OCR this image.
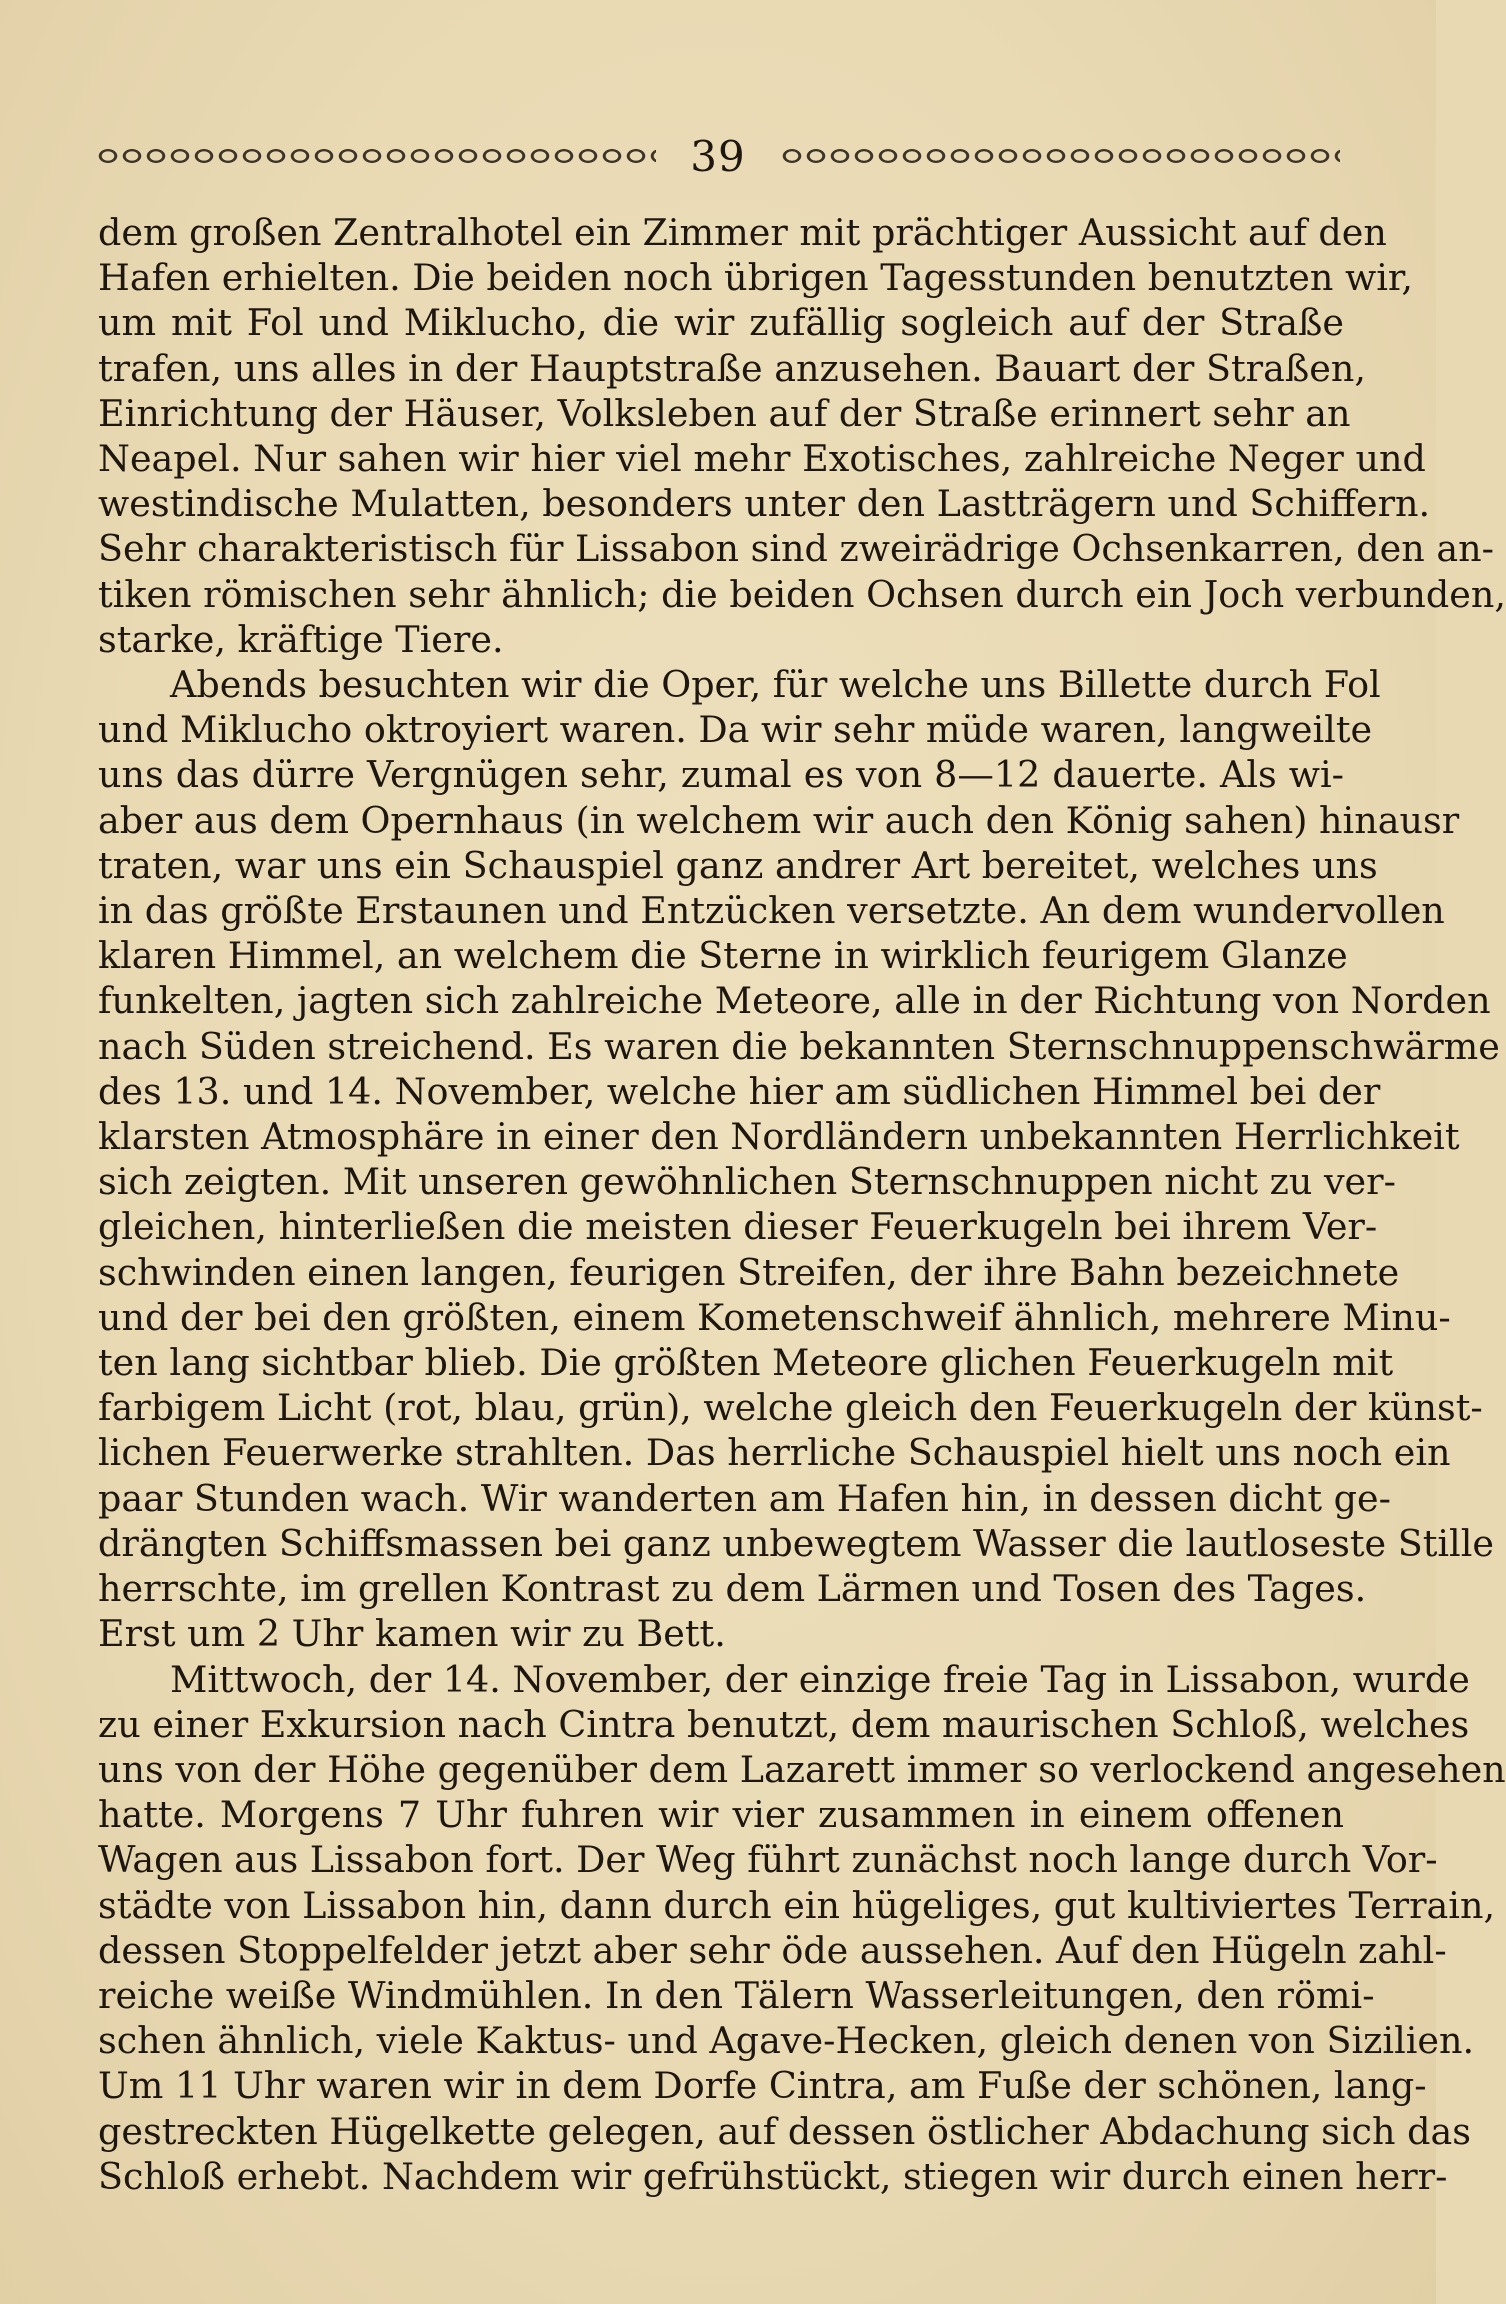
39
dem großen Zentralhotel ein Zimmer mit prächtiger Aussicht auf den
Hafen erhielten. Die beiden noch übrigen Tagesstunden benutzten wir,
um mit Fol und Miklucho, die wir zufällig sogleich auf der Straße
trafen, uns alles in der Hauptstraße anzusehen. Bauart der Straßen,
Einrichtung der Häuser, Volksleben auf der Straße erinnert sehr an
Neapel. Nur sahen wir hier viel mehr Exotisches, zahlreiche Neger und
westindische Mulatten, besonders unter den Lastträgern und Schiffern.
Sehr charakteristisch für Lissabon sind zweirädrige Ochsenkarren, den an-
tiken römischen sehr ähnlich; die beiden Ochsen durch ein Joch verbunden,
starke, kräftige Tiere.
Abends besuchten wir die Oper, für welche uns Billette durch Fol
und Miklucho oktroyiert waren. Da wir sehr müde waren, langweilte
uns das dürre Vergnügen sehr, zumal es von 8—12 dauerte. Als wi-
aber aus dem Opernhaus (in welchem wir auch den König sahen) hinausr
traten, war uns ein Schauspiel ganz andrer Art bereitet, welches uns
in das größte Erstaunen und Entzücken versetzte. An dem wundervollen
klaren Himmel, an welchem die Sterne in wirklich feurigem Glanze
funkelten, jagten sich zahlreiche Meteore, alle in der Richtung von Norden
nach Süden streichend. Es waren die bekannten Sternschnuppenschwärme
des 13. und 14. November, welche hier am südlichen Himmel bei der
klarsten Atmosphäre in einer den Nordländern unbekannten Herrlichkeit
sich zeigten. Mit unseren gewöhnlichen Sternschnuppen nicht zu ver-
gleichen, hinterließen die meisten dieser Feuerkugeln bei ihrem Ver-
schwinden einen langen, feurigen Streifen, der ihre Bahn bezeichnete
und der bei den größten, einem Kometenschweif ähnlich, mehrere Minu-
ten lang sichtbar blieb. Die größten Meteore glichen Feuerkugeln mit
farbigem Licht (rot, blau, grün), welche gleich den Feuerkugeln der künst-
lichen Feuerwerke strahlten. Das herrliche Schauspiel hielt uns noch ein
paar Stunden wach. Wir wanderten am Hafen hin, in dessen dicht ge-
drängten Schiffsmassen bei ganz unbewegtem Wasser die lautloseste Stille
herrschte, im grellen Kontrast zu dem Lärmen und Tosen des Tages.
Erst um 2 Uhr kamen wir zu Bett.
Mittwoch, der 14. November, der einzige freie Tag in Lissabon, wurde
zu einer Exkursion nach Cintra benutzt, dem maurischen Schloß, welches
uns von der Höhe gegenüber dem Lazarett immer so verlockend angesehen
hatte. Morgens 7 Uhr fuhren wir vier zusammen in einem offenen
Wagen aus Lissabon fort. Der Weg führt zunächst noch lange durch Vor-
städte von Lissabon hin, dann durch ein hügeliges, gut kultiviertes Terrain,
dessen Stoppelfelder jetzt aber sehr öde aussehen. Auf den Hügeln zahl-
reiche weiße Windmühlen. In den Tälern Wasserleitungen, den römi-
schen ähnlich, viele Kaktus- und Agave-Hecken, gleich denen von Sizilien.
Um 11 Uhr waren wir in dem Dorfe Cintra, am Fuße der schönen, lang-
gestreckten Hügelkette gelegen, auf dessen östlicher Abdachung sich das
Schloß erhebt. Nachdem wir gefrühstückt, stiegen wir durch einen herr-
